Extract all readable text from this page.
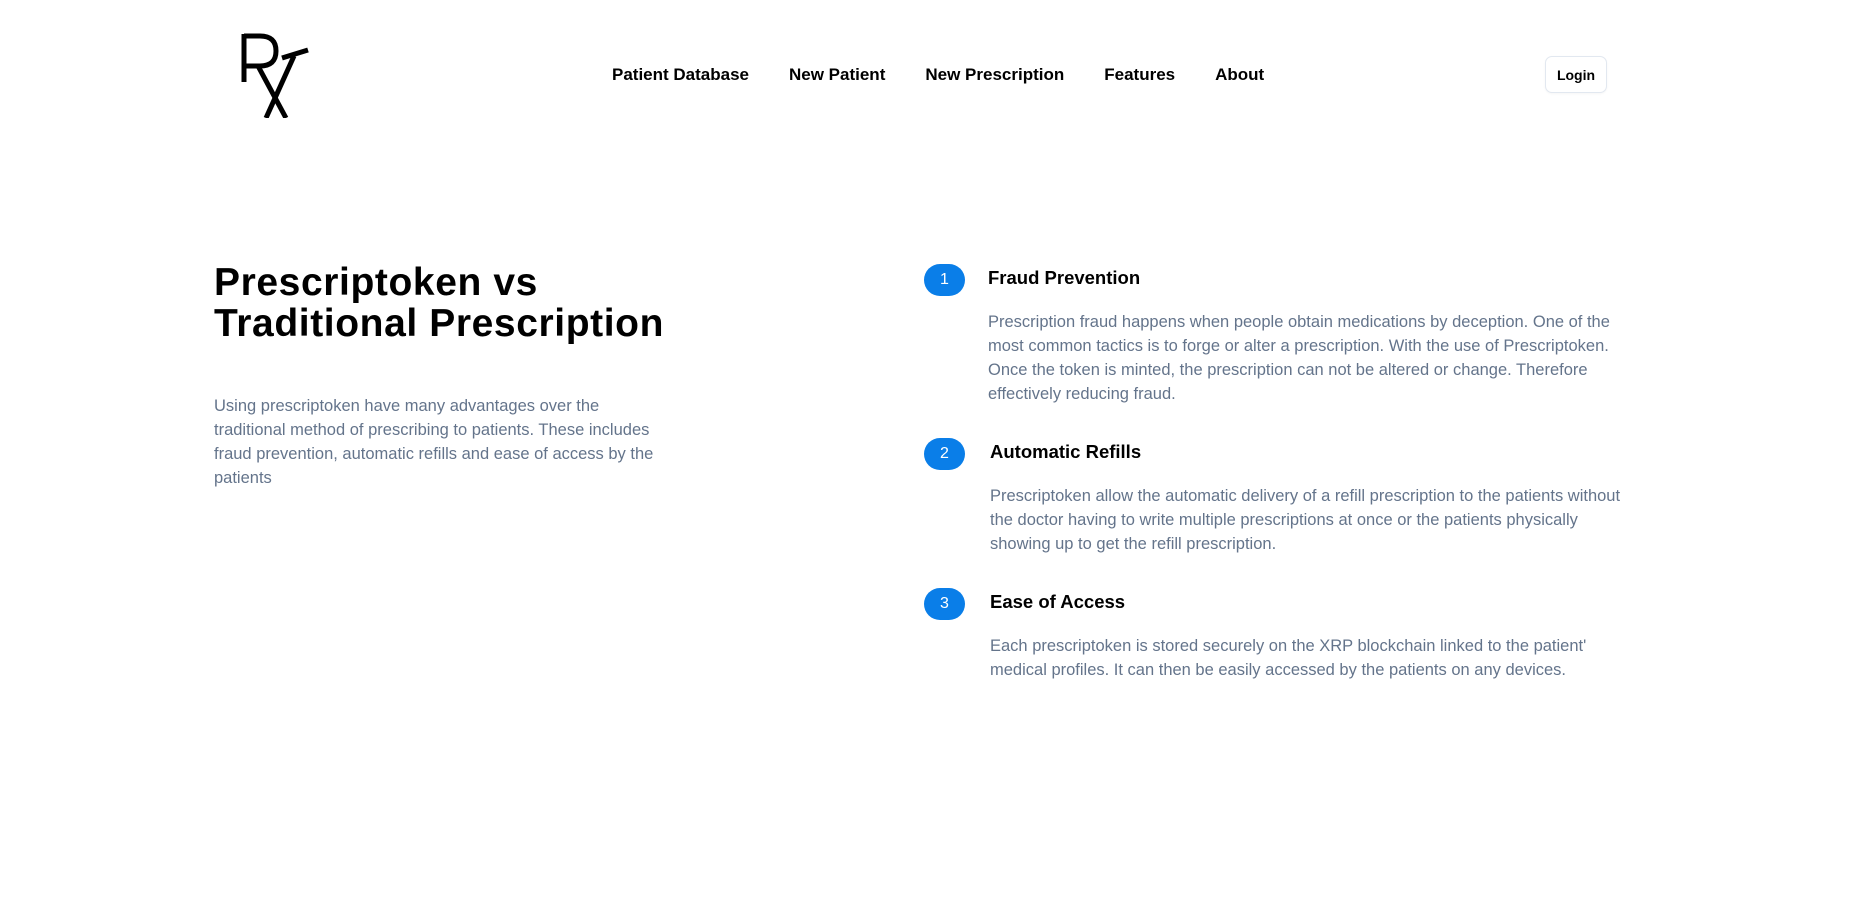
Patient Database New Patient New Prescription Features About	Login
Prescriptoken vs
Traditional Prescription

Using prescriptoken have many advantages over the traditional method of prescribing to patients. These includes fraud prevention, automatic refills and ease of access by the patients

1	Fraud Prevention

Prescription fraud happens when people obtain medications by deception. One of the most common tactics is to forge or alter a prescription. With the use of Prescriptoken. Once the token is minted, the prescription can not be altered or change. Therefore effectively reducing fraud.

2	Automatic Refills

Prescriptoken allow the automatic delivery of a refill prescription to the patients without the doctor having to write multiple prescriptions at once or the patients physically showing up to get the refill prescription.

3	Ease of Access

Each prescriptoken is stored securely on the XRP blockchain linked to the patient' medical profiles. It can then be easily accessed by the patients on any devices.
